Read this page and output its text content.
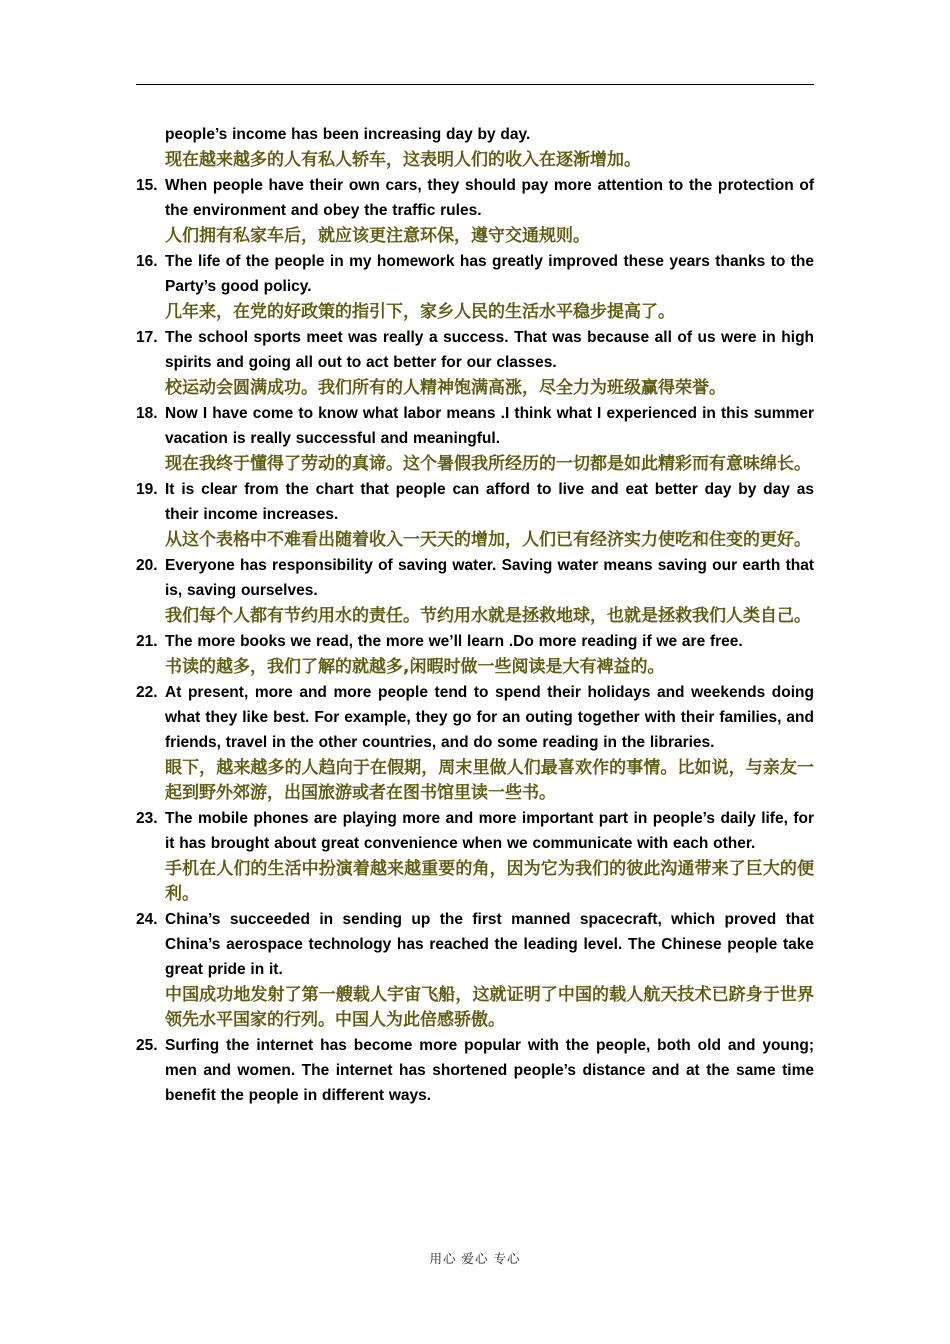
people’s income has been increasing day by day.
现在越来越多的人有私人轿车，这表明人们的收入在逐渐增加。
15. When people have their own cars, they should pay more attention to the protection of the environment and obey the traffic rules.
人们拥有私家车后，就应该更注意环保，遵守交通规则。
16. The life of the people in my homework has greatly improved these years thanks to the Party’s good policy.
几年来，在党的好政策的指引下，家乡人民的生活水平稳步提高了。
17. The school sports meet was really a success. That was because all of us were in high spirits and going all out to act better for our classes.
校运动会圆满成功。我们所有的人精神饱满高涨，尽全力为班级赢得荣誉。
18. Now I have come to know what labor means .I think what I experienced in this summer vacation is really successful and meaningful.
现在我终于懂得了劳动的真谛。这个暑假我所经历的一切都是如此精彩而有意味绵长。
19. It is clear from the chart that people can afford to live and eat better day by day as their income increases.
从这个表格中不难看出随着收入一天天的增加，人们已有经济实力使吃和住变的更好。
20. Everyone has responsibility of saving water. Saving water means saving our earth that is, saving ourselves.
我们每个人都有节约用水的责任。节约用水就是拯救地球，也就是拯救我们人类自己。
21. The more books we read, the more we’ll learn .Do more reading if we are free.
书读的越多，我们了解的就越多,闲暇时做一些阅读是大有裨益的。
22. At present, more and more people tend to spend their holidays and weekends doing what they like best. For example, they go for an outing together with their families, and friends, travel in the other countries, and do some reading in the libraries.
眼下，越来越多的人趋向于在假期，周末里做人们最喜欢作的事情。比如说，与亲友一起到野外郊游，出国旅游或者在图书馆里读一些书。
23. The mobile phones are playing more and more important part in people’s daily life, for it has brought about great convenience when we communicate with each other.
手机在人们的生活中扮演着越来越重要的角，因为它为我们的彼此沟通带来了巨大的便利。
24. China’s succeeded in sending up the first manned spacecraft, which proved that China’s aerospace technology has reached the leading level. The Chinese people take great pride in it.
中国成功地发射了第一艘载人宇宙飞船，这就证明了中国的载人航天技术已跻身于世界领先水平国家的行列。中国人为此倍感骄傲。
25. Surfing the internet has become more popular with the people, both old and young; men and women. The internet has shortened people’s distance and at the same time benefit the people in different ways.
用心 爱心 专心
